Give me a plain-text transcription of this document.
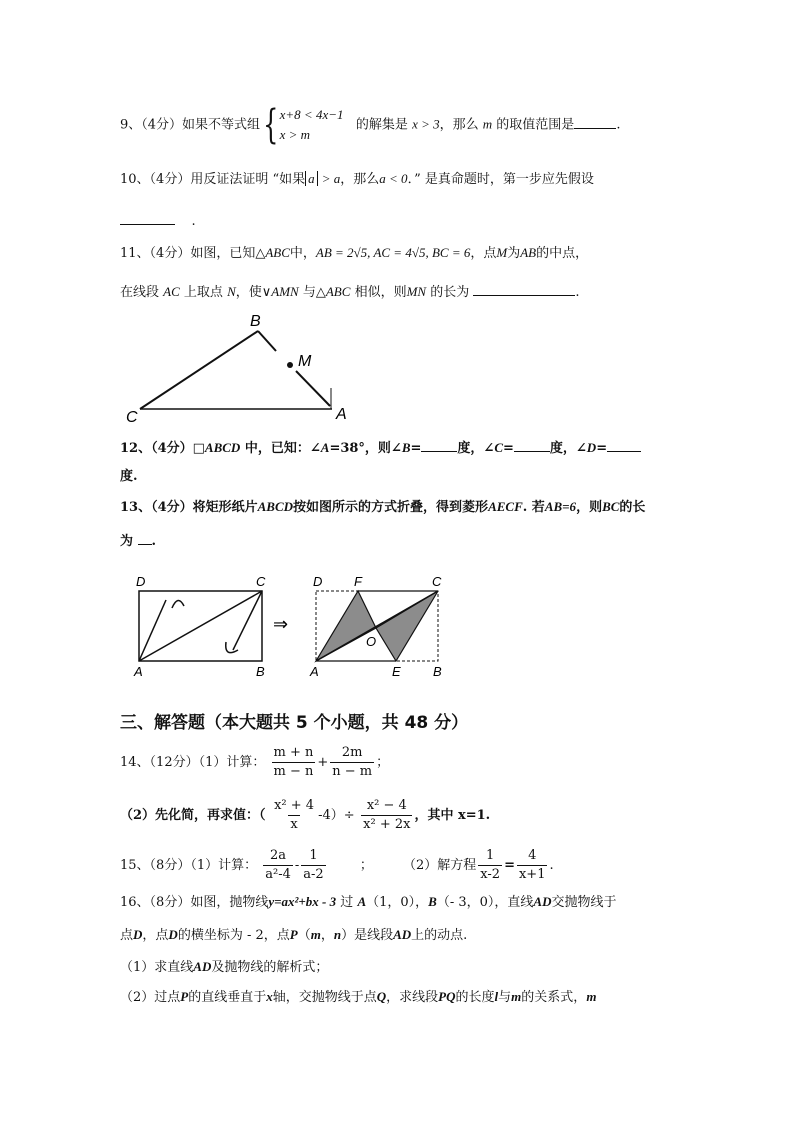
9、（4分）如果不等式组 { x+8 < 4x−1
x > m
的解集是 x > 3，那么 m 的取值范围是	.
10、（4分）用反证法证明 “如果 a > a，那么a < 0．” 是真命题时，第一步应先假设
.
11、（4分）如图，已知△ABC中，AB = 2√5, AC = 4√5, BC = 6，点M为AB的中点，
在线段 AC 上取点 N，使∨AMN 与△ABC 相似，则MN 的长为	.
B
M
C	A
12、（4分）□ABCD 中，已知：∠A=38°，则∠B=	度，∠C=	度，∠D=
度.
13、（4分）将矩形纸片ABCD按如图所示的方式折叠，得到菱形AECF. 若AB=6，则BC的长
为 .
D	C
A	B
⇒
D F	C
O
A	E B
三、解答题（本大题共 5 个小题，共 48 分）
14、（12分）（1）计算： $\frac{m + n}{m - n} + \frac{2m}{n - m}$ ；
（2）先化简，再求值：（ $\frac{\text{x² + 4}}{x} -4)\div \frac{\text{x² − 4}}{\text{x² + 2x}}$ ，其中 x=1.
15、（8分）（1）计算： $\frac{2a}{\text{a²-4}} - \frac{1}{a-2}$	； （2）解方程 $\frac{1}{x-2} = \frac{4}{x+1}$ .
16、（8分）如图，抛物线y=ax²+bx - 3 过 A（1，0），B（- 3，0），直线AD交抛物线于
点D，点D的横坐标为 - 2，点P（m，n）是线段AD上的动点.
（1）求直线AD及抛物线的解析式；
（2）过点P的直线垂直于x轴，交抛物线于点Q，求线段PQ的长度l与m的关系式，m
